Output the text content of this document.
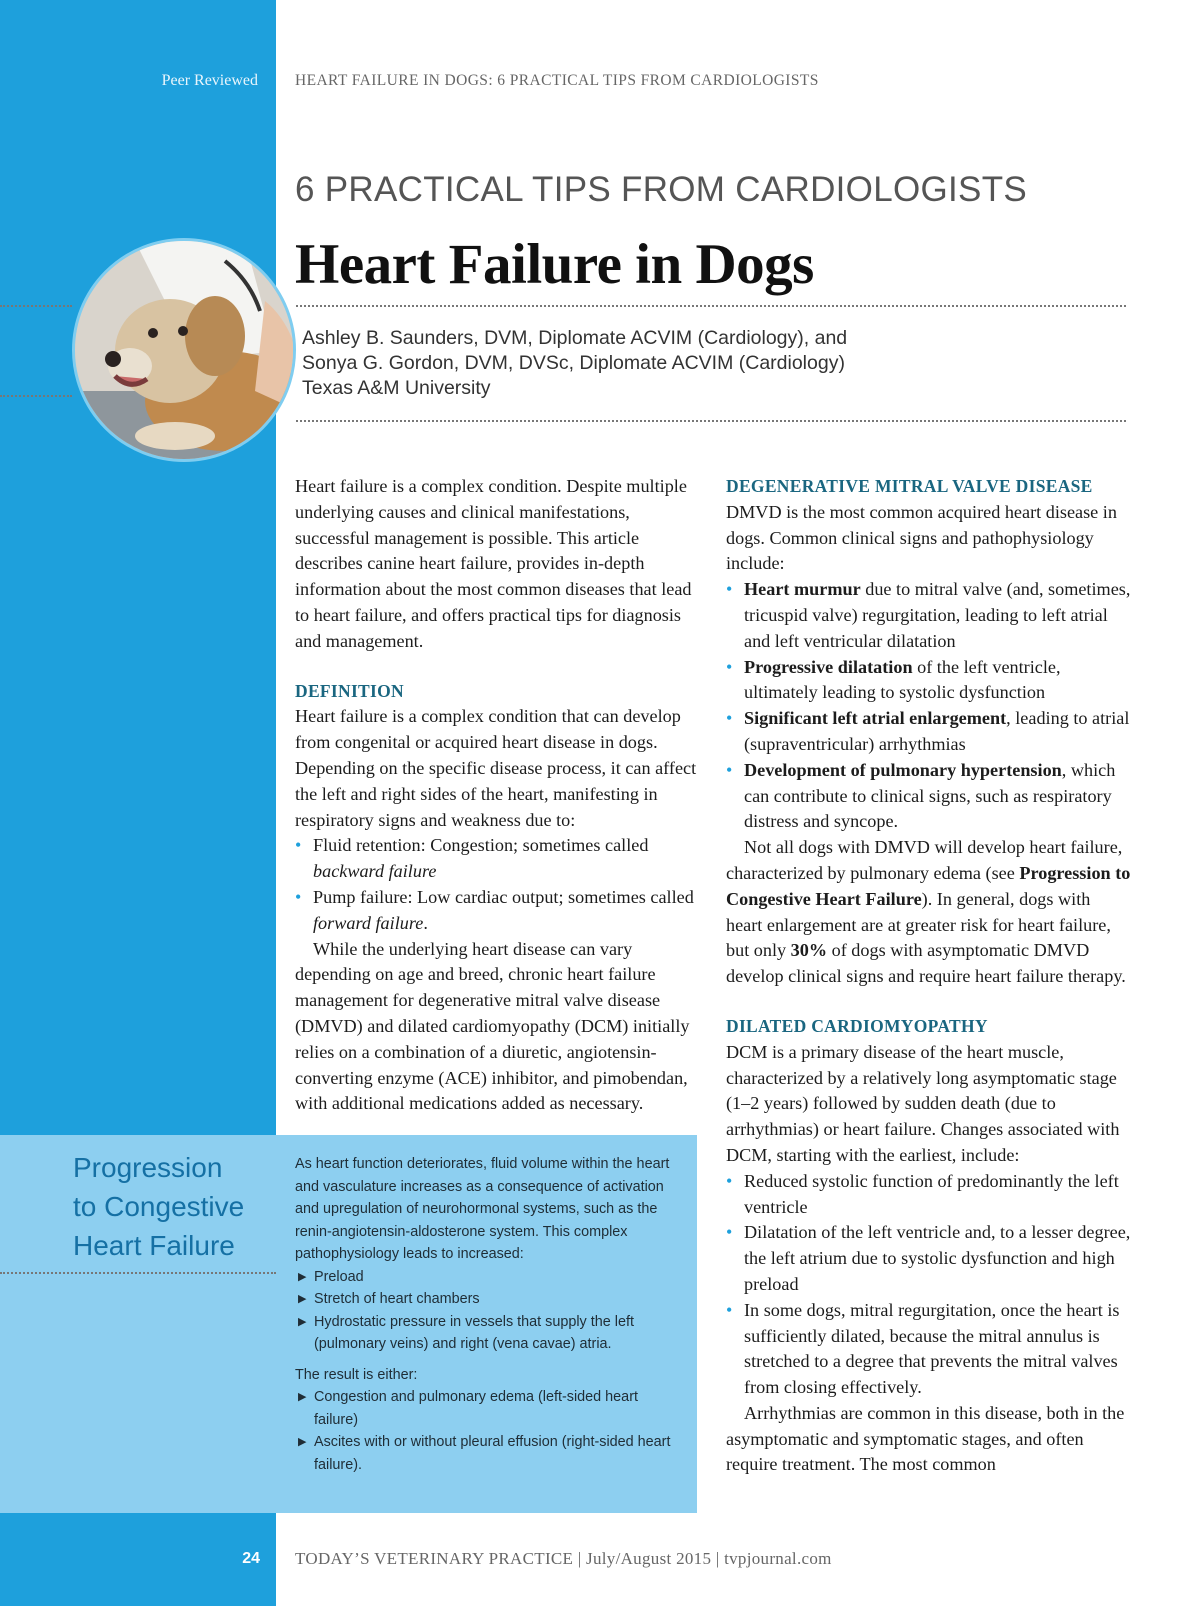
Peer Reviewed HEART FAILURE IN DOGS: 6 PRACTICAL TIPS FROM CARDIOLOGISTS
6 PRACTICAL TIPS FROM CARDIOLOGISTS
Heart Failure in Dogs
Ashley B. Saunders, DVM, Diplomate ACVIM (Cardiology), and
Sonya G. Gordon, DVM, DVSc, Diplomate ACVIM (Cardiology)
Texas A&M University

Heart failure is a complex condition. Despite multiple underlying causes and clinical manifestations, successful management is possible. This article describes canine heart failure, provides in-depth information about the most common diseases that lead to heart failure, and offers practical tips for diagnosis and management.

DEFINITION

Heart failure is a complex condition that can develop from congenital or acquired heart disease in dogs. Depending on the specific disease process, it can affect the left and right sides of the heart, manifesting in respiratory signs and weakness due to:

• Fluid retention: Congestion; sometimes called backward failure
• Pump failure: Low cardiac output; sometimes called forward failure.

While the underlying heart disease can vary depending on age and breed, chronic heart failure management for degenerative mitral valve disease (DMVD) and dilated cardiomyopathy (DCM) initially relies on a combination of a diuretic, angiotensin-converting enzyme (ACE) inhibitor, and pimobendan, with additional medications added as necessary.

DEGENERATIVE MITRAL VALVE DISEASE

DMVD is the most common acquired heart disease in dogs. Common clinical signs and pathophysiology include:

• Heart murmur due to mitral valve (and, sometimes, tricuspid valve) regurgitation, leading to left atrial and left ventricular dilatation
• Progressive dilatation of the left ventricle, ultimately leading to systolic dysfunction
• Significant left atrial enlargement, leading to atrial (supraventricular) arrhythmias
• Development of pulmonary hypertension, which can contribute to clinical signs, such as respiratory distress and syncope.

Not all dogs with DMVD will develop heart failure, characterized by pulmonary edema (see Progression to Congestive Heart Failure). In general, dogs with heart enlargement are at greater risk for heart failure, but only 30% of dogs with asymptomatic DMVD develop clinical signs and require heart failure therapy.

DILATED CARDIOMYOPATHY

DCM is a primary disease of the heart muscle, characterized by a relatively long asymptomatic stage (1–2 years) followed by sudden death (due to arrhythmias) or heart failure. Changes associated with DCM, starting with the earliest, include:

• Reduced systolic function of predominantly the left ventricle
• Dilatation of the left ventricle and, to a lesser degree, the left atrium due to systolic dysfunction and high preload
• In some dogs, mitral regurgitation, once the heart is sufficiently dilated, because the mitral annulus is stretched to a degree that prevents the mitral valves from closing effectively.

Arrhythmias are common in this disease, both in the asymptomatic and symptomatic stages, and often require treatment. The most common

Progression
to Congestive
Heart Failure

As heart function deteriorates, fluid volume within the heart and vasculature increases as a consequence of activation and upregulation of neurohormonal systems, such as the renin-angiotensin-aldosterone system. This complex pathophysiology leads to increased:

▶ Preload
▶ Stretch of heart chambers
▶ Hydrostatic pressure in vessels that supply the left (pulmonary veins) and right (vena cavae) atria.

The result is either:

▶ Congestion and pulmonary edema (left-sided heart failure)
▶ Ascites with or without pleural effusion (right-sided heart failure).
24 TODAY’S VETERINARY PRACTICE | July/August 2015 | tvpjournal.com
